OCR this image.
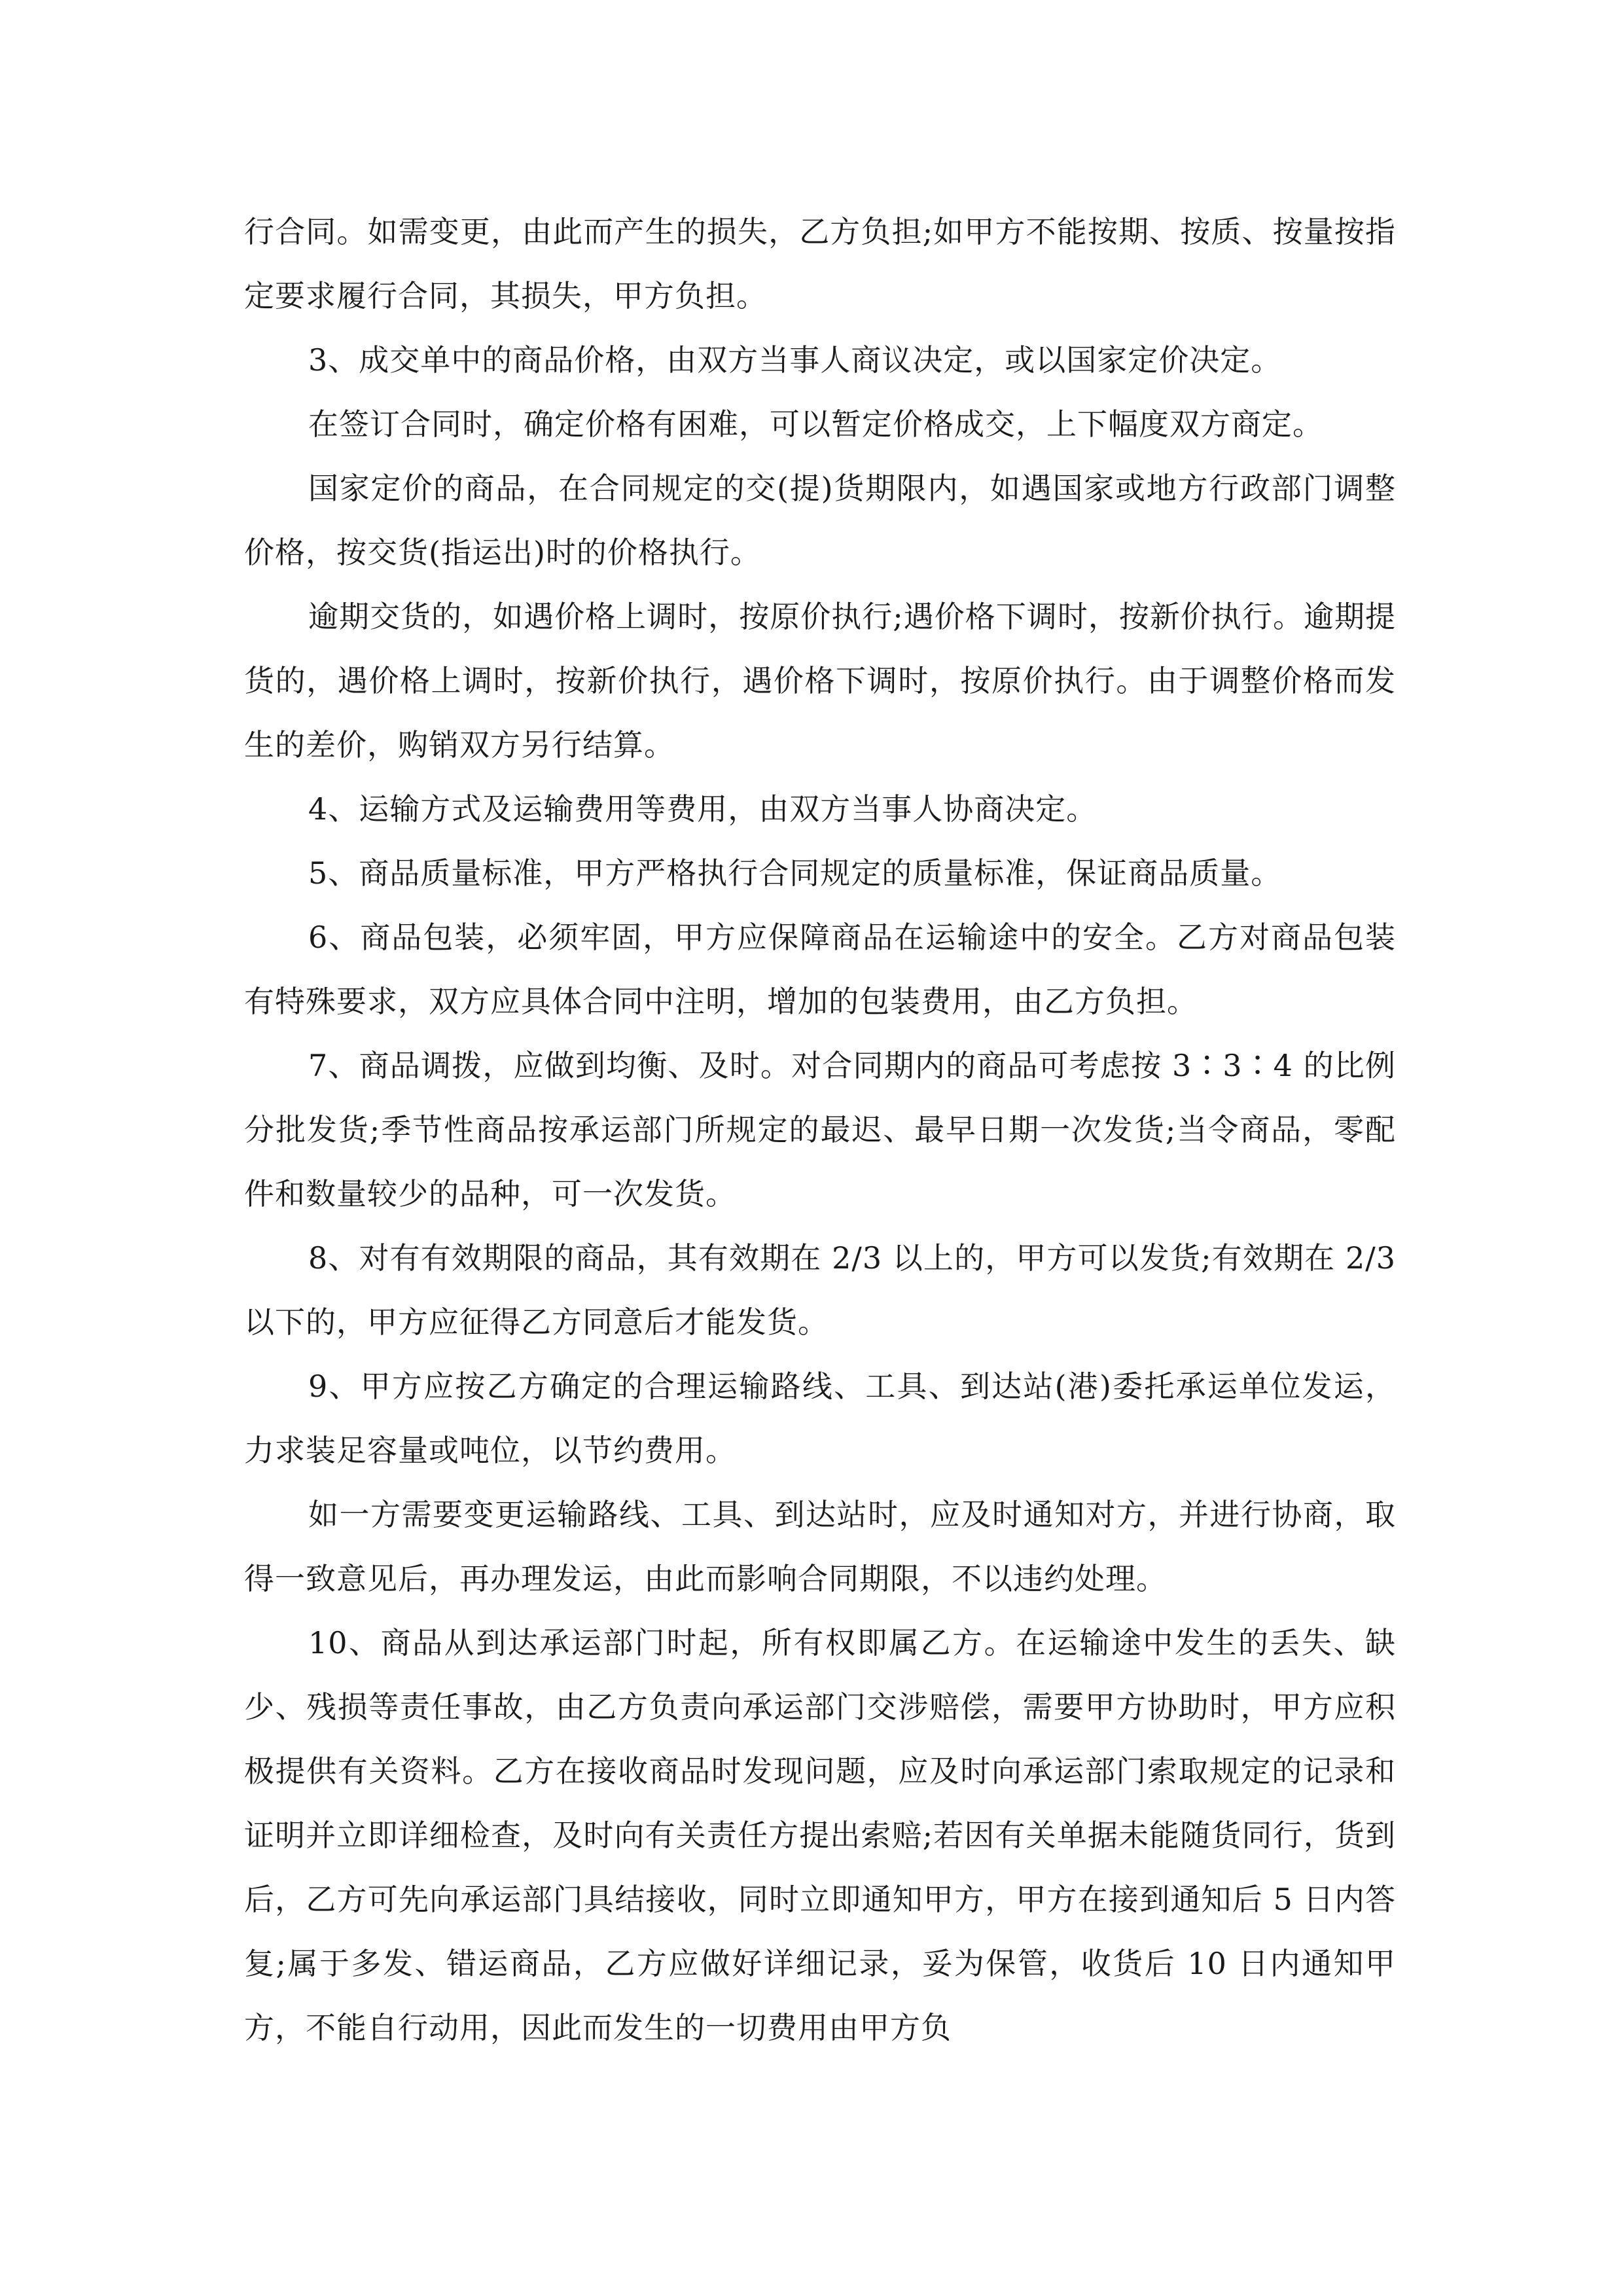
行合同。如需变更，由此而产生的损失，乙方负担;如甲方不能按期、按质、按量按指定要求履行合同，其损失，甲方负担。

3、成交单中的商品价格，由双方当事人商议决定，或以国家定价决定。

在签订合同时，确定价格有困难，可以暂定价格成交，上下幅度双方商定。

国家定价的商品，在合同规定的交(提)货期限内，如遇国家或地方行政部门调整价格，按交货(指运出)时的价格执行。

逾期交货的，如遇价格上调时，按原价执行;遇价格下调时，按新价执行。逾期提货的，遇价格上调时，按新价执行，遇价格下调时，按原价执行。由于调整价格而发生的差价，购销双方另行结算。

4、运输方式及运输费用等费用，由双方当事人协商决定。

5、商品质量标准，甲方严格执行合同规定的质量标准，保证商品质量。

6、商品包装，必须牢固，甲方应保障商品在运输途中的安全。乙方对商品包装有特殊要求，双方应具体合同中注明，增加的包装费用，由乙方负担。

7、商品调拨，应做到均衡、及时。对合同期内的商品可考虑按 3∶3∶4 的比例分批发货;季节性商品按承运部门所规定的最迟、最早日期一次发货;当令商品，零配件和数量较少的品种，可一次发货。

8、对有有效期限的商品，其有效期在 2/3 以上的，甲方可以发货;有效期在 2/3 以下的，甲方应征得乙方同意后才能发货。

9、甲方应按乙方确定的合理运输路线、工具、到达站(港)委托承运单位发运，力求装足容量或吨位，以节约费用。

如一方需要变更运输路线、工具、到达站时，应及时通知对方，并进行协商，取得一致意见后，再办理发运，由此而影响合同期限，不以违约处理。

10、商品从到达承运部门时起，所有权即属乙方。在运输途中发生的丢失、缺少、残损等责任事故，由乙方负责向承运部门交涉赔偿，需要甲方协助时，甲方应积极提供有关资料。乙方在接收商品时发现问题，应及时向承运部门索取规定的记录和证明并立即详细检查，及时向有关责任方提出索赔;若因有关单据未能随货同行，货到后，乙方可先向承运部门具结接收，同时立即通知甲方，甲方在接到通知后 5 日内答复;属于多发、错运商品，乙方应做好详细记录，妥为保管，收货后 10 日内通知甲方，不能自行动用，因此而发生的一切费用由甲方负
